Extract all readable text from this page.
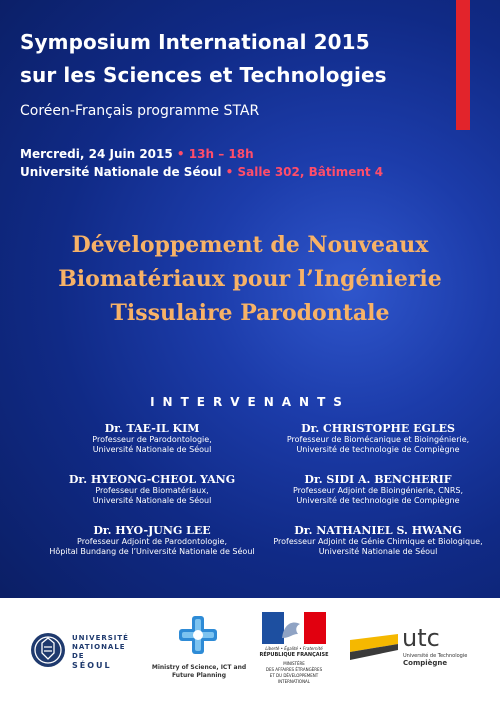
Symposium International 2015
sur les Sciences et Technologies
Coréen-Français programme STAR
Mercredi, 24 Juin 2015 • 13h – 18h
Université Nationale de Séoul • Salle 302, Bâtiment 4
Développement de Nouveaux
Biomatériaux pour l’Ingénierie
Tissulaire Parodontale
INTERVENANTS
Dr. TAE-IL KIM
Professeur de Parodontologie,
Université Nationale de Séoul
Dr. CHRISTOPHE EGLES
Professeur de Biomécanique et Bioingénierie,
Université de technologie de Compiègne
Dr. HYEONG-CHEOL YANG
Professeur de Biomatériaux,
Université Nationale de Séoul
Dr. SIDI A. BENCHERIF
Professeur Adjoint de Bioingénierie, CNRS,
Université de technologie de Compiègne
Dr. HYO-JUNG LEE
Professeur Adjoint de Parodontologie,
Hôpital Bundang de l’Université Nationale de Séoul
Dr. NATHANIEL S. HWANG
Professeur Adjoint de Génie Chimique et Biologique,
Université Nationale de Séoul
UNIVERSITÉ
NATIONALE DE
SÉOUL	Ministry of Science, ICT and
Future Planning
Liberté • Égalité • Fraternité
RÉPUBLIQUE FRANÇAISE
MINISTÈRE
DES AFFAIRES ÉTRANGÈRES
ET DU DÉVELOPPEMENT
INTERNATIONAL
utc
Université de Technologie
Compiègne
